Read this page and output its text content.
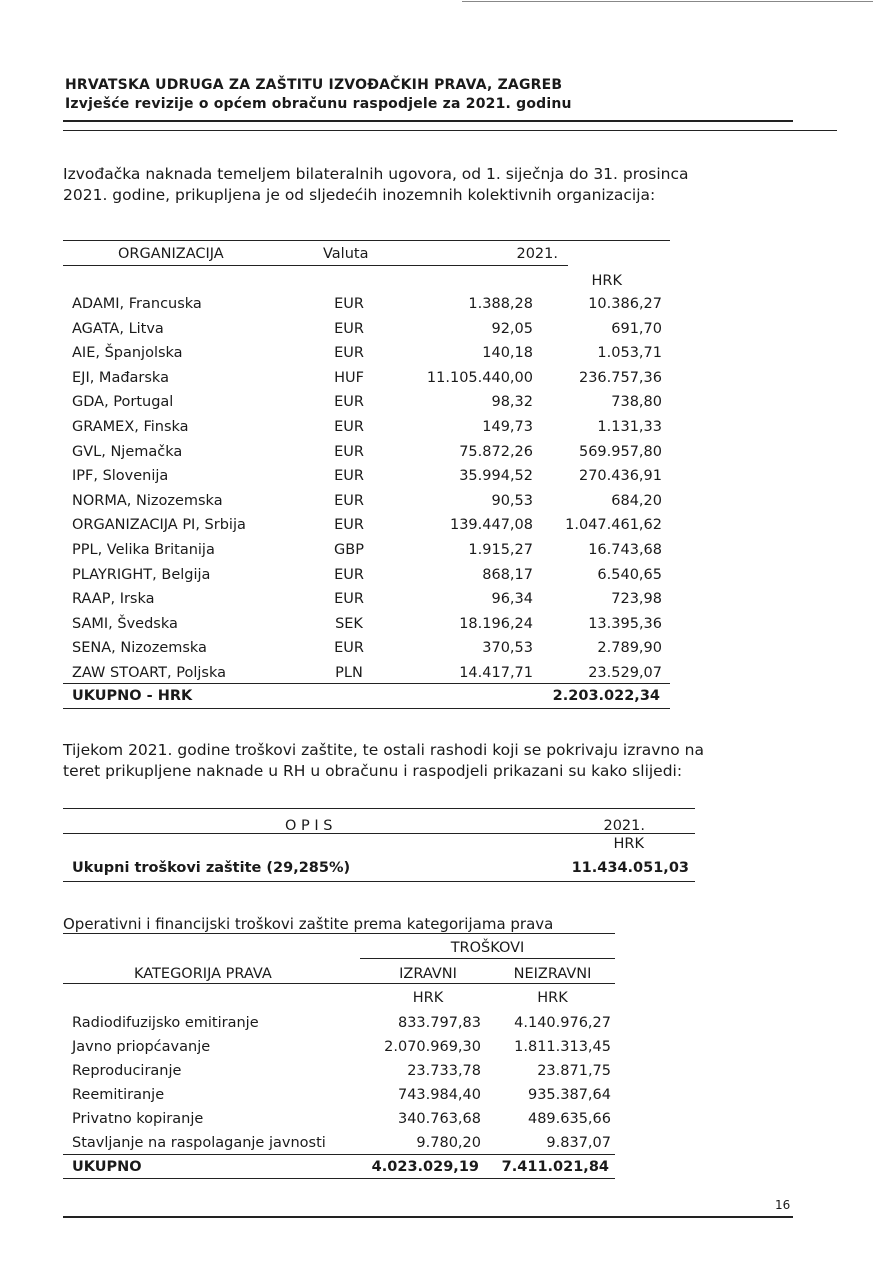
HRVATSKA UDRUGA ZA ZAŠTITU IZVOĐAČKIH PRAVA, ZAGREB
Izvješće revizije o općem obračunu raspodjele za 2021. godinu
Izvođačka naknada temeljem bilateralnih ugovora, od 1. siječnja do 31. prosinca
2021. godine, prikupljena je od sljedećih inozemnih kolektivnih organizacija:
ORGANIZACIJA	Valuta	2021.
HRK
ADAMI, Francuska	EUR	1.388,28	10.386,27
AGATA, Litva	EUR	92,05	691,70
AIE, Španjolska	EUR	140,18	1.053,71
EJI, Mađarska	HUF	11.105.440,00	236.757,36
GDA, Portugal	EUR	98,32	738,80
GRAMEX, Finska	EUR	149,73	1.131,33
GVL, Njemačka	EUR	75.872,26	569.957,80
IPF, Slovenija	EUR	35.994,52	270.436,91
NORMA, Nizozemska	EUR	90,53	684,20
ORGANIZACIJA PI, Srbija	EUR	139.447,08	1.047.461,62
PPL, Velika Britanija	GBP	1.915,27	16.743,68
PLAYRIGHT, Belgija	EUR	868,17	6.540,65
RAAP, Irska	EUR	96,34	723,98
SAMI, Švedska	SEK	18.196,24	13.395,36
SENA, Nizozemska	EUR	370,53	2.789,90
ZAW STOART, Poljska	PLN	14.417,71	23.529,07
UKUPNO - HRK	2.203.022,34
Tijekom 2021. godine troškovi zaštite, te ostali rashodi koji se pokrivaju izravno na
teret prikupljene naknade u RH u obračunu i raspodjeli prikazani su kako slijedi:
O P I S	2021.
HRK
Ukupni troškovi zaštite (29,285%)	11.434.051,03
Operativni i financijski troškovi zaštite prema kategorijama prava
TROŠKOVI
KATEGORIJA PRAVA	IZRAVNI	NEIZRAVNI
HRK	HRK
Radiodifuzijsko emitiranje	833.797,83	4.140.976,27
Javno priopćavanje	2.070.969,30	1.811.313,45
Reproduciranje	23.733,78	23.871,75
Reemitiranje	743.984,40	935.387,64
Privatno kopiranje	340.763,68	489.635,66
Stavljanje na raspolaganje javnosti	9.780,20	9.837,07
UKUPNO	4.023.029,19	7.411.021,84
16
